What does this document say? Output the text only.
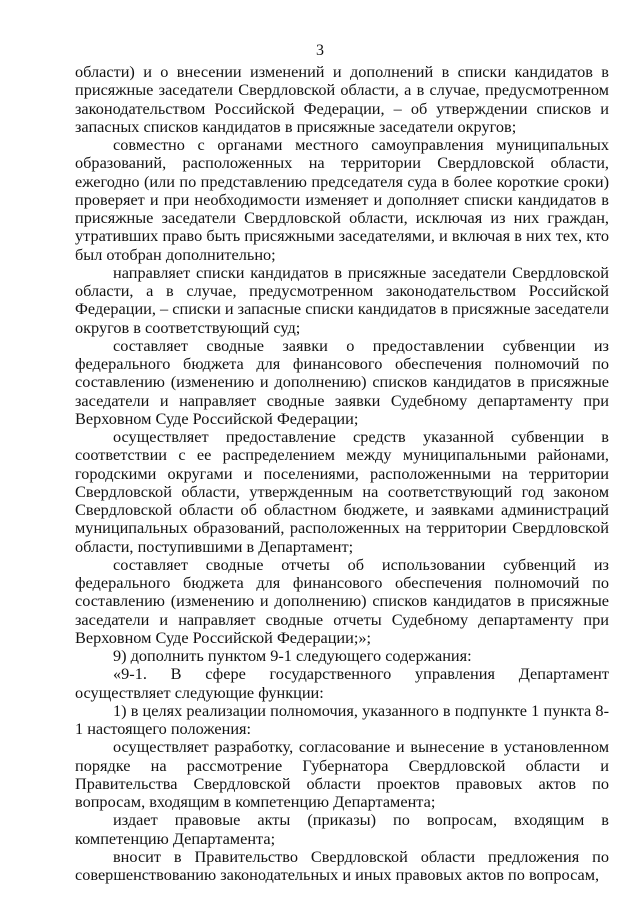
3

области) и о внесении изменений и дополнений в списки кандидатов в присяжные заседатели Свердловской области, а в случае, предусмотренном законодательством Российской Федерации, – об утверждении списков и запасных списков кандидатов в присяжные заседатели округов;

совместно с органами местного самоуправления муниципальных образований, расположенных на территории Свердловской области, ежегодно (или по представлению председателя суда в более короткие сроки) проверяет и при необходимости изменяет и дополняет списки кандидатов в присяжные заседатели Свердловской области, исключая из них граждан, утративших право быть присяжными заседателями, и включая в них тех, кто был отобран дополнительно;

направляет списки кандидатов в присяжные заседатели Свердловской области, а в случае, предусмотренном законодательством Российской Федерации, – списки и запасные списки кандидатов в присяжные заседатели округов в соответствующий суд;

составляет сводные заявки о предоставлении субвенции из федерального бюджета для финансового обеспечения полномочий по составлению (изменению и дополнению) списков кандидатов в присяжные заседатели и направляет сводные заявки Судебному департаменту при Верховном Суде Российской Федерации;

осуществляет предоставление средств указанной субвенции в соответствии с ее распределением между муниципальными районами, городскими округами и поселениями, расположенными на территории Свердловской области, утвержденным на соответствующий год законом Свердловской области об областном бюджете, и заявками администраций муниципальных образований, расположенных на территории Свердловской области, поступившими в Департамент;

составляет сводные отчеты об использовании субвенций из федерального бюджета для финансового обеспечения полномочий по составлению (изменению и дополнению) списков кандидатов в присяжные заседатели и направляет сводные отчеты Судебному департаменту при Верховном Суде Российской Федерации;»;

9) дополнить пунктом 9-1 следующего содержания:

«9-1. В сфере государственного управления Департамент осуществляет следующие функции:

1) в целях реализации полномочия, указанного в подпункте 1 пункта 8-1 настоящего положения:

осуществляет разработку, согласование и вынесение в установленном порядке на рассмотрение Губернатора Свердловской области и Правительства Свердловской области проектов правовых актов по вопросам, входящим в компетенцию Департамента;

издает правовые акты (приказы) по вопросам, входящим в компетенцию Департамента;

вносит в Правительство Свердловской области предложения по совершенствованию законодательных и иных правовых актов по вопросам,
